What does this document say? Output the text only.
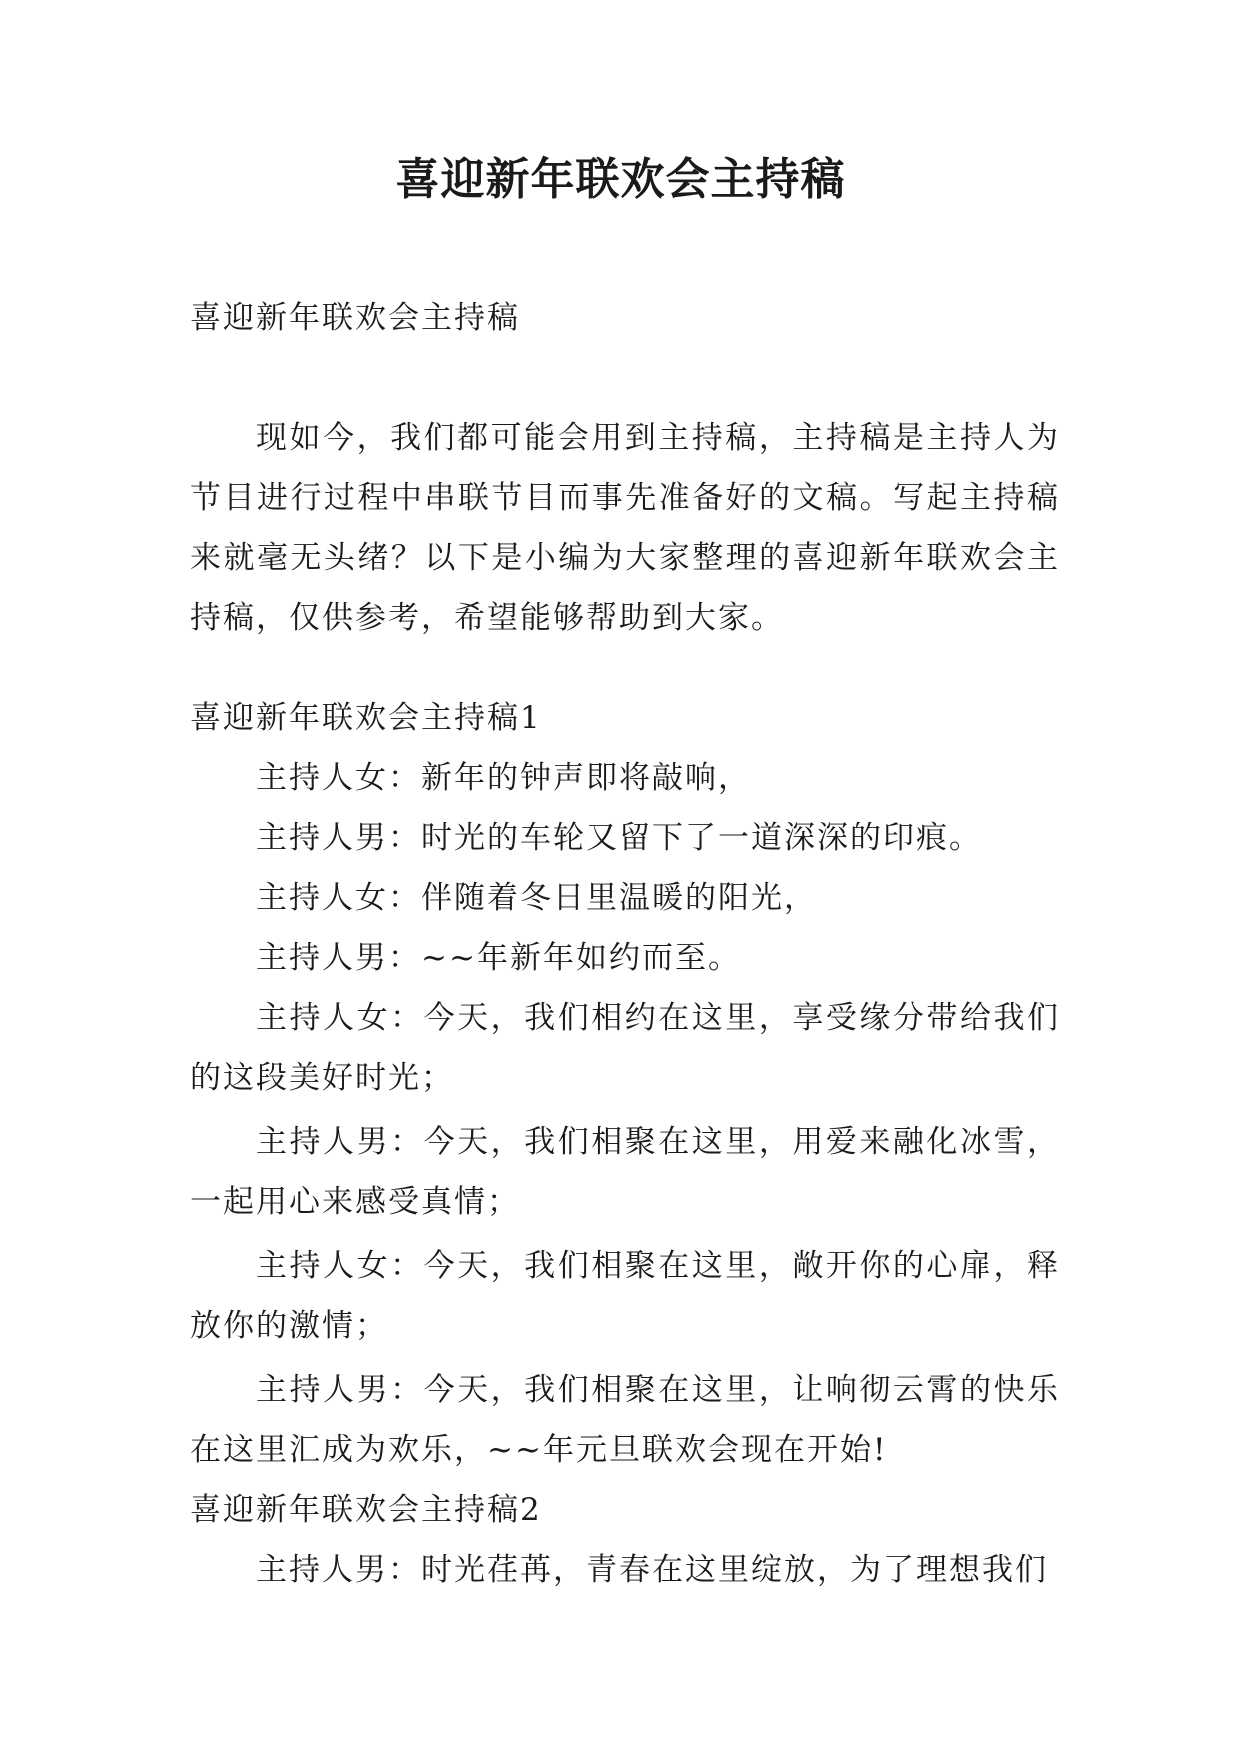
喜迎新年联欢会主持稿

喜迎新年联欢会主持稿

现如今，我们都可能会用到主持稿，主持稿是主持人为节目进行过程中串联节目而事先准备好的文稿。写起主持稿来就毫无头绪？以下是小编为大家整理的喜迎新年联欢会主持稿，仅供参考，希望能够帮助到大家。

喜迎新年联欢会主持稿1

主持人女：新年的钟声即将敲响，

主持人男：时光的车轮又留下了一道深深的印痕。

主持人女：伴随着冬日里温暖的阳光，

主持人男：~~年新年如约而至。

主持人女：今天，我们相约在这里，享受缘分带给我们的这段美好时光；

主持人男：今天，我们相聚在这里，用爱来融化冰雪，一起用心来感受真情；

主持人女：今天，我们相聚在这里，敞开你的心扉，释放你的激情；

主持人男：今天，我们相聚在这里，让响彻云霄的快乐在这里汇成为欢乐，~~年元旦联欢会现在开始!

喜迎新年联欢会主持稿2

主持人男：时光荏苒，青春在这里绽放，为了理想我们
